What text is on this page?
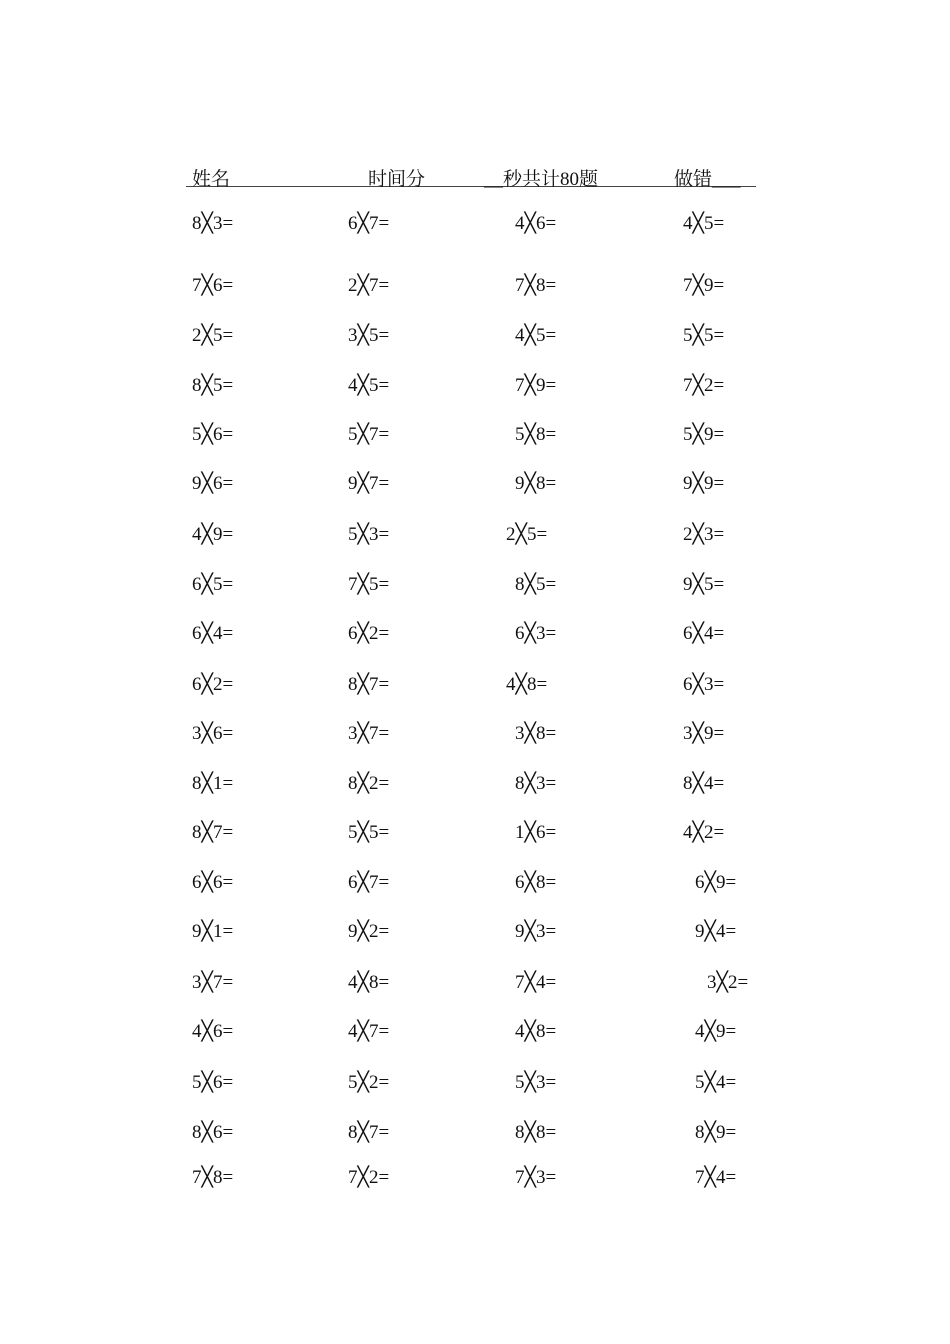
姓名	时间分	__秒共计80题	做错___
8╳3=	6╳7=	4╳6=	4╳5=
7╳6=	2╳7=	7╳8=	7╳9=
2╳5=	3╳5=	4╳5=	5╳5=
8╳5=	4╳5=	7╳9=	7╳2=
5╳6=	5╳7=	5╳8=	5╳9=
9╳6=	9╳7=	9╳8=	9╳9=
4╳9=	5╳3=	2╳5=	2╳3=
6╳5=	7╳5=	8╳5=	9╳5=
6╳4=	6╳2=	6╳3=	6╳4=
6╳2=	8╳7=	4╳8=	6╳3=
3╳6=	3╳7=	3╳8=	3╳9=
8╳1=	8╳2=	8╳3=	8╳4=
8╳7=	5╳5=	1╳6=	4╳2=
6╳6=	6╳7=	6╳8=	6╳9=
9╳1=	9╳2=	9╳3=	9╳4=
3╳7=	4╳8=	7╳4=	3╳2=
4╳6=	4╳7=	4╳8=	4╳9=
5╳6=	5╳2=	5╳3=	5╳4=
8╳6=	8╳7=	8╳8=	8╳9=
7╳8=	7╳2=	7╳3=	7╳4=
